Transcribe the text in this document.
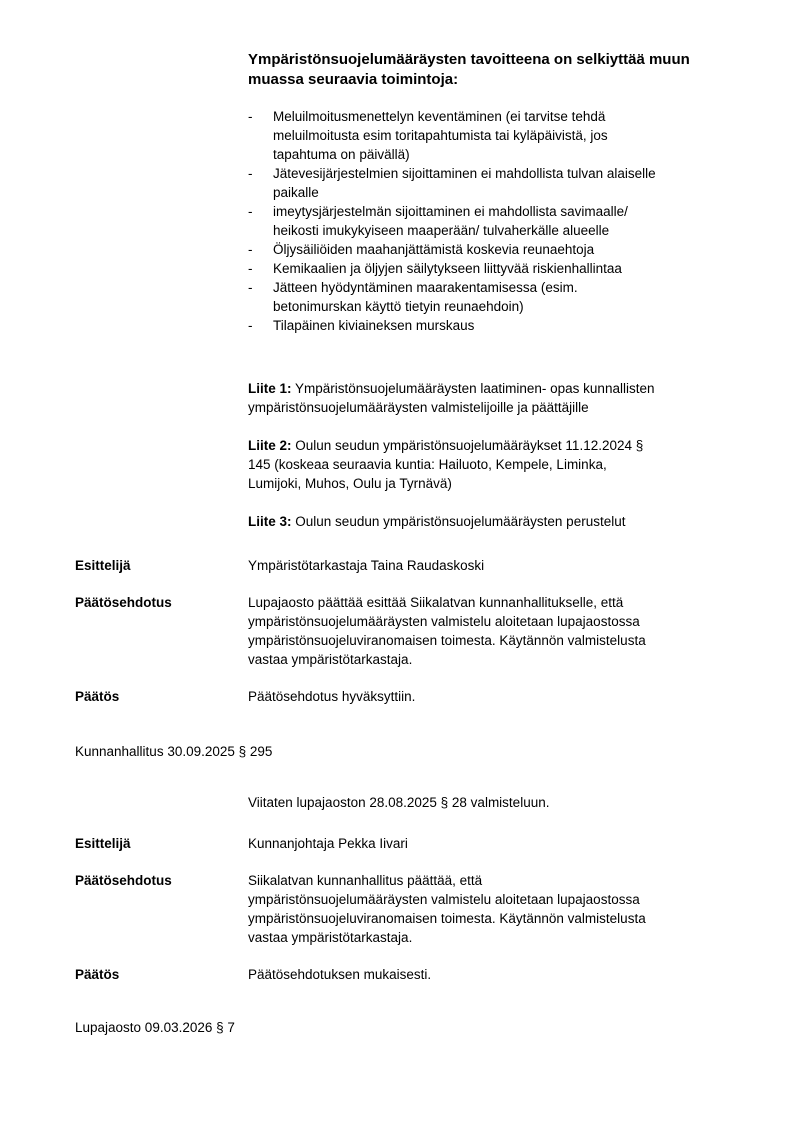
Ympäristönsuojelumääräysten tavoitteena on selkiyttää muun
muassa seuraavia toimintoja:

-	Meluilmoitusmenettelyn keventäminen (ei tarvitse tehdä
meluilmoitusta esim toritapahtumista tai kyläpäivistä, jos
tapahtuma on päivällä)
-	Jätevesijärjestelmien sijoittaminen ei mahdollista tulvan alaiselle
paikalle
-	imeytysjärjestelmän sijoittaminen ei mahdollista savimaalle/
heikosti imukykyiseen maaperään/ tulvaherkälle alueelle
-	Öljysäiliöiden maahanjättämistä koskevia reunaehtoja
-	Kemikaalien ja öljyjen säilytykseen liittyvää riskienhallintaa
-	Jätteen hyödyntäminen maarakentamisessa (esim.
betonimurskan käyttö tietyin reunaehdoin)
-	Tilapäinen kiviaineksen murskaus

Liite 1: Ympäristönsuojelumääräysten laatiminen- opas kunnallisten
ympäristönsuojelumääräysten valmistelijoille ja päättäjille

Liite 2: Oulun seudun ympäristönsuojelumääräykset 11.12.2024 §
145 (koskeaa seuraavia kuntia: Hailuoto, Kempele, Liminka,
Lumijoki, Muhos, Oulu ja Tyrnävä)

Liite 3: Oulun seudun ympäristönsuojelumääräysten perustelut

Esittelijä	Ympäristötarkastaja Taina Raudaskoski
Päätösehdotus	Lupajaosto päättää esittää Siikalatvan kunnanhallitukselle, että
ympäristönsuojelumääräysten valmistelu aloitetaan lupajaostossa
ympäristönsuojeluviranomaisen toimesta. Käytännön valmistelusta
vastaa ympäristötarkastaja.
Päätös	Päätösehdotus hyväksyttiin.

Kunnanhallitus 30.09.2025 § 295

Viitaten lupajaoston 28.08.2025 § 28 valmisteluun.

Esittelijä	Kunnanjohtaja Pekka Iivari
Päätösehdotus	Siikalatvan kunnanhallitus päättää, että
ympäristönsuojelumääräysten valmistelu aloitetaan lupajaostossa
ympäristönsuojeluviranomaisen toimesta. Käytännön valmistelusta
vastaa ympäristötarkastaja.
Päätös	Päätösehdotuksen mukaisesti.

Lupajaosto 09.03.2026 § 7
